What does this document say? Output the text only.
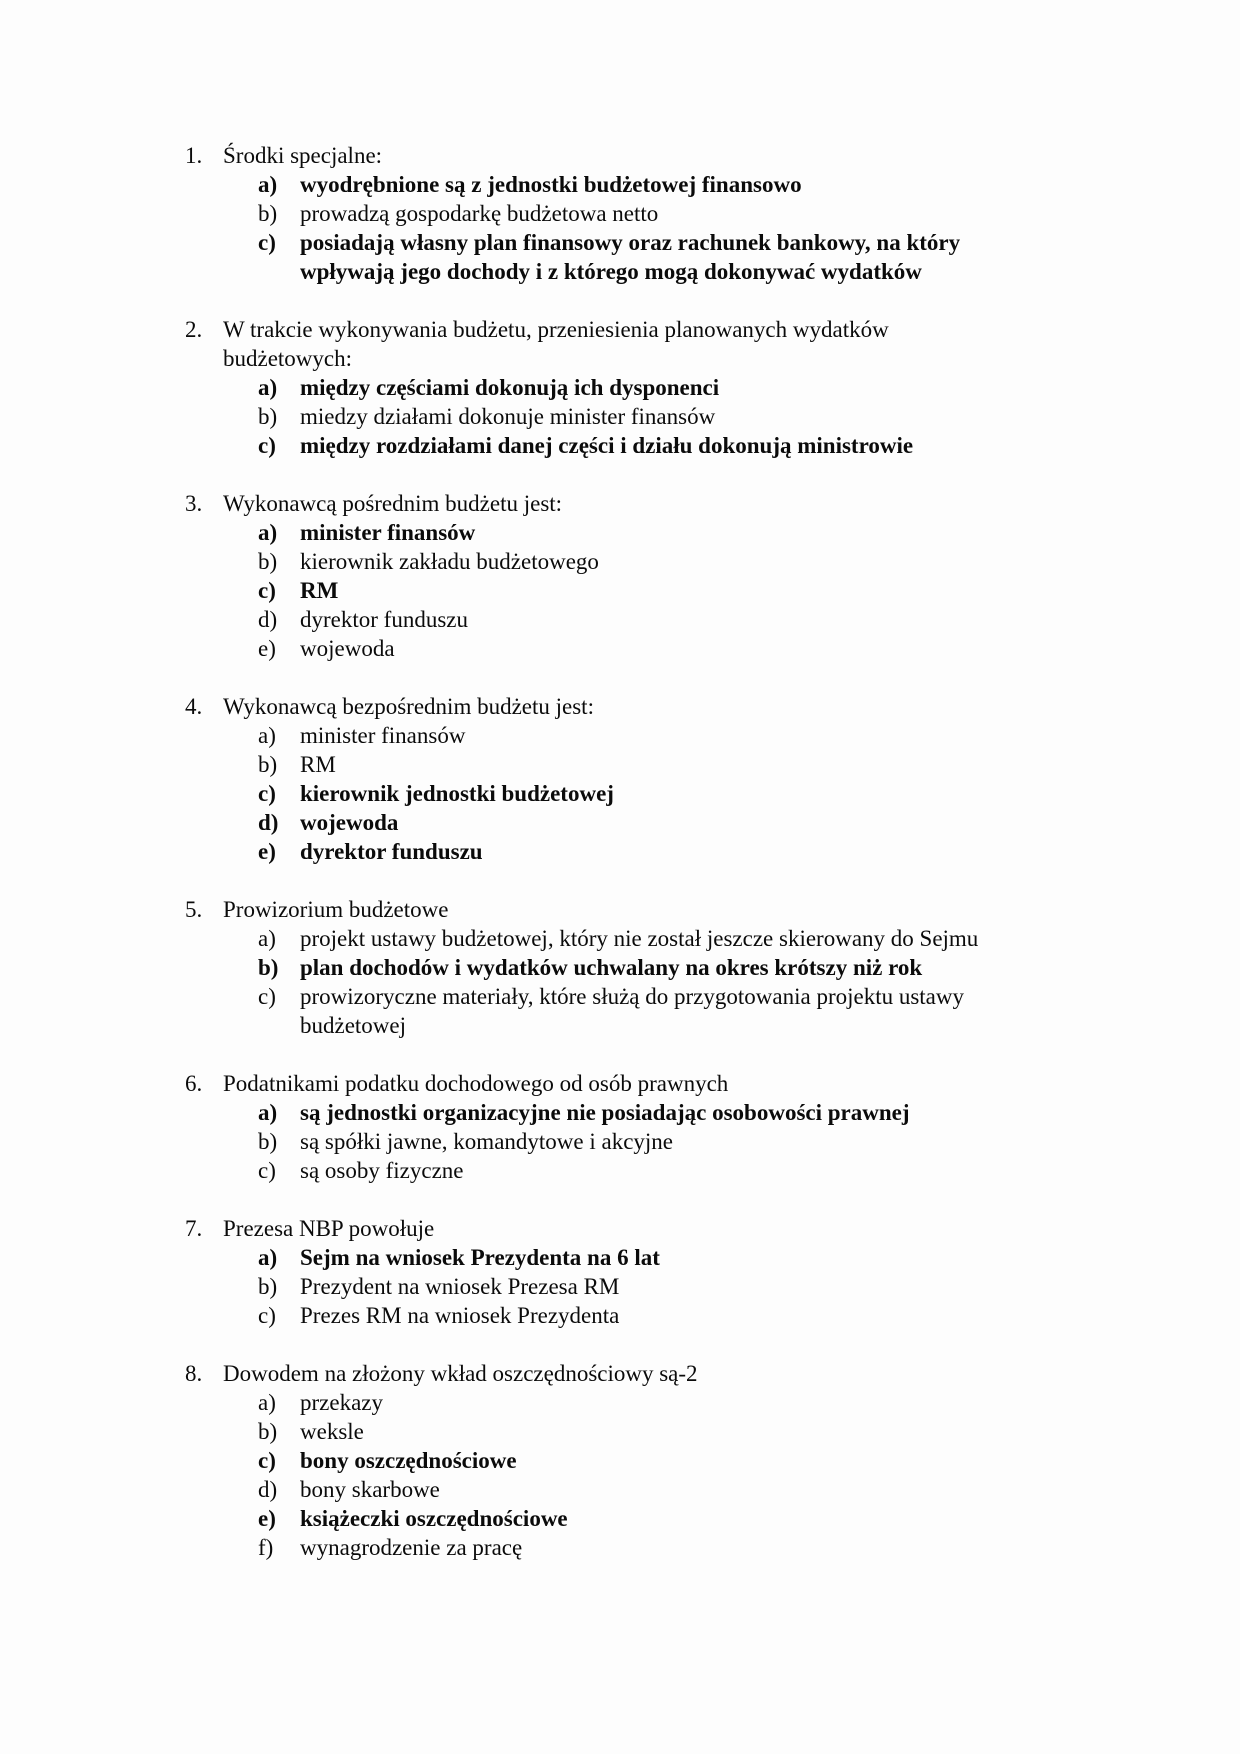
1. Środki specjalne:
a) wyodrębnione są z jednostki budżetowej finansowo
b) prowadzą gospodarkę budżetowa netto
c)	posiadają własny plan finansowy oraz rachunek bankowy, na który wpływają jego dochody i z którego mogą dokonywać wydatków
2. W trakcie wykonywania budżetu, przeniesienia planowanych wydatków budżetowych:
a) między częściami dokonują ich dysponenci
b) miedzy działami dokonuje minister finansów
c)	między rozdziałami danej części i działu dokonują ministrowie
3. Wykonawcą pośrednim budżetu jest:
a) minister finansów
b) kierownik zakładu budżetowego
c)	RM
d) dyrektor funduszu
e)	wojewoda
4. Wykonawcą bezpośrednim budżetu jest:
a)	minister finansów
b) RM
c)	kierownik jednostki budżetowej
d) wojewoda
e)	dyrektor funduszu
5. Prowizorium budżetowe
a)	projekt ustawy budżetowej, który nie został jeszcze skierowany do Sejmu
b) plan dochodów i wydatków uchwalany na okres krótszy niż rok
c)	prowizoryczne materiały, które służą do przygotowania projektu ustawy budżetowej
6. Podatnikami podatku dochodowego od osób prawnych
a) są jednostki organizacyjne nie posiadając osobowości prawnej
b) są spółki jawne, komandytowe i akcyjne
c)	są osoby fizyczne
7. Prezesa NBP powołuje
a) Sejm na wniosek Prezydenta na 6 lat
b) Prezydent na wniosek Prezesa RM
c)	Prezes RM na wniosek Prezydenta
8. Dowodem na złożony wkład oszczędnościowy są-2
a)	przekazy
b) weksle
c)	bony oszczędnościowe
d) bony skarbowe
e)	książeczki oszczędnościowe
f)	wynagrodzenie za pracę
